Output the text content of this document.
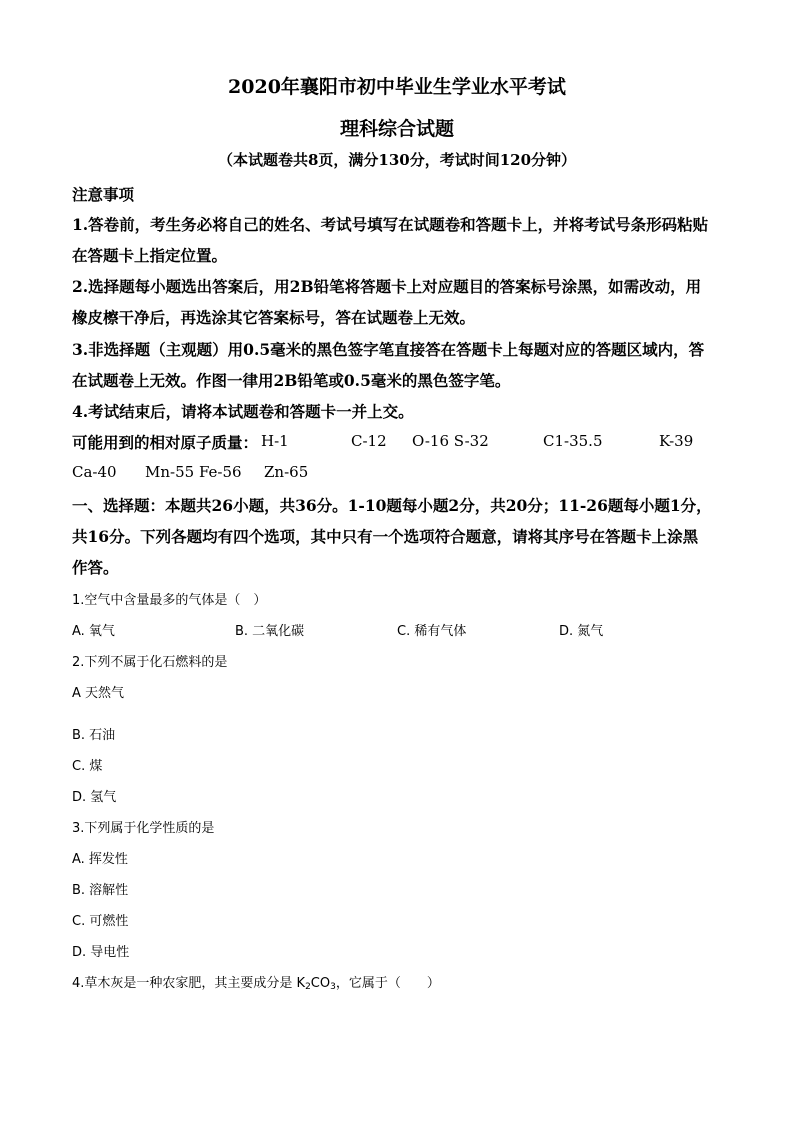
2020年襄阳市初中毕业生学业水平考试
理科综合试题
（本试题卷共8页，满分130分，考试时间120分钟）
注意事项
1.答卷前，考生务必将自己的姓名、考试号填写在试题卷和答题卡上，并将考试号条形码粘贴
在答题卡上指定位置。
2.选择题每小题选出答案后，用2B铅笔将答题卡上对应题目的答案标号涂黑，如需改动，用
橡皮檫干净后，再选涂其它答案标号，答在试题卷上无效。
3.非选择题（主观题）用0.5毫米的黑色签字笔直接答在答题卡上每题对应的答题区域内，答
在试题卷上无效。作图一律用2B铅笔或0.5毫米的黑色签字笔。
4.考试结束后，请将本试题卷和答题卡一并上交。
可能用到的相对原子质量： H-1	C-12 O-16 S-32	C1-35.5	K-39
Ca-40 Mn-55 Fe-56 Zn-65
一、选择题：本题共26小题，共36分。1-10题每小题2分，共20分；11-26题每小题1分，
共16分。下列各题均有四个选项，其中只有一个选项符合题意，请将其序号在答题卡上涂黑
作答。
1.空气中含量最多的气体是（　）
A. 氧气	B. 二氧化碳	C. 稀有气体	D. 氮气
2.下列不属于化石燃料的是
A 天然气
B. 石油
C. 煤
D. 氢气
3.下列属于化学性质的是
A. 挥发性
B. 溶解性
C. 可燃性
D. 导电性
4.草木灰是一种农家肥，其主要成分是 $K_2CO_3$，它属于（　　）
